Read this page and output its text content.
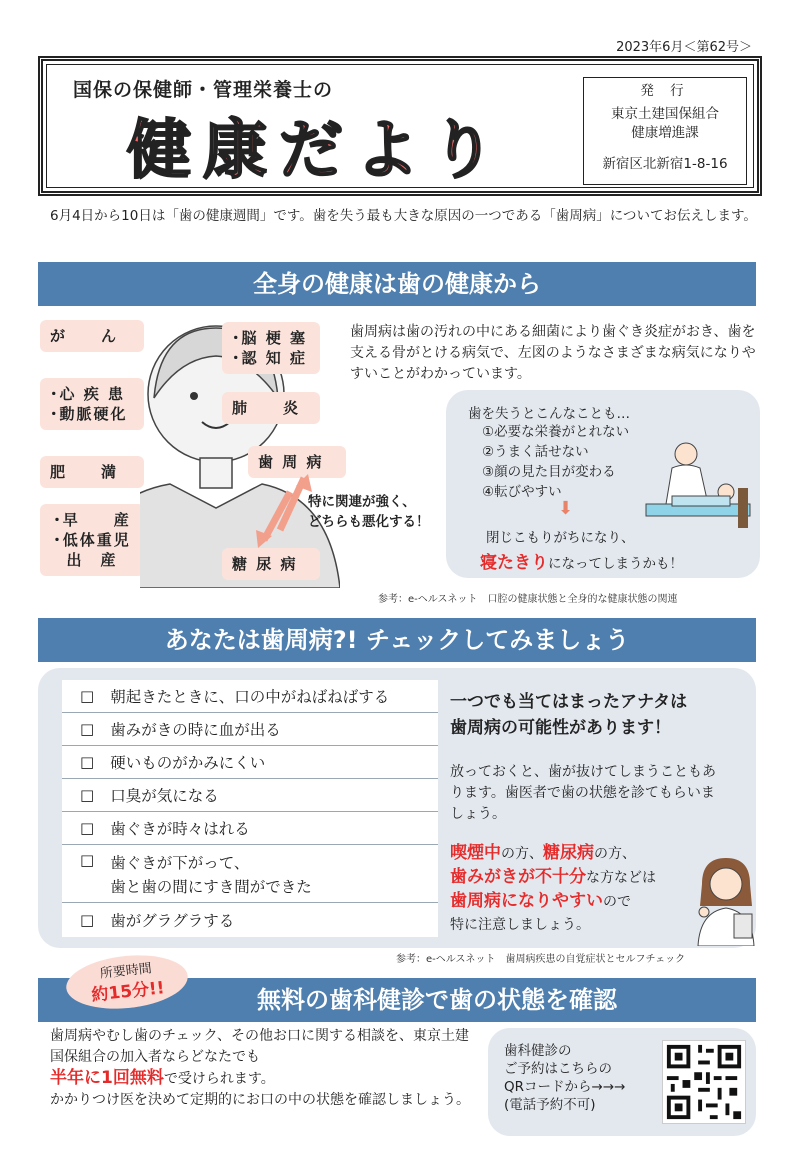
2023年6月＜第62号＞
国保の保健師・管理栄養士の
健康だより
発 行
東京土建国保組合
健康増進課
新宿区北新宿1-8-16
6月4日から10日は「歯の健康週間」です。歯を失う最も大きな原因の一つである「歯周病」についてお伝えします。
全身の健康は歯の健康から
が　　ん
･心 疾 患
･動脈硬化
肥　　満
･早　　産
･低体重児
出　産
･脳 梗 塞
･認 知 症
肺　　炎
歯 周 病
糖 尿 病
特に関連が強く、
どちらも悪化する！
歯周病は歯の汚れの中にある細菌により歯ぐき炎症がおき、歯を支える骨がとける病気で、左図のようなさまざまな病気になりやすいことがわかっています。
歯を失うとこんなことも…
①必要な栄養がとれない
②うまく話せない
③顔の見た目が変わる
④転びやすい
⬇
閉じこもりがちになり、
寝たきりになってしまうかも！
参考：e-ヘルスネット　口腔の健康状態と全身的な健康状態の関連
あなたは歯周病?! チェックしてみましょう
□ 朝起きたときに、口の中がねばねばする
□ 歯みがきの時に血が出る
□ 硬いものがかみにくい
□ 口臭が気になる
□ 歯ぐきが時々はれる
□ 歯ぐきが下がって、
歯と歯の間にすき間ができた
□ 歯がグラグラする
一つでも当てはまったアナタは
歯周病の可能性があります！
放っておくと、歯が抜けてしまうこともあります。歯医者で歯の状態を診てもらいましょう。
喫煙中の方、糖尿病の方、
歯みがきが不十分な方などは
歯周病になりやすいので
特に注意しましょう。
参考：e-ヘルスネット　歯周病疾患の自覚症状とセルフチェック
無料の歯科健診で歯の状態を確認
所要時間
約15分!!
歯周病やむし歯のチェック、その他お口に関する相談を、東京土建国保組合の加入者ならどなたでも
半年に1回無料で受けられます。
かかりつけ医を決めて定期的にお口の中の状態を確認しましょう。
歯科健診の
ご予約はこちらの
QRコードから→→→
(電話予約不可)
